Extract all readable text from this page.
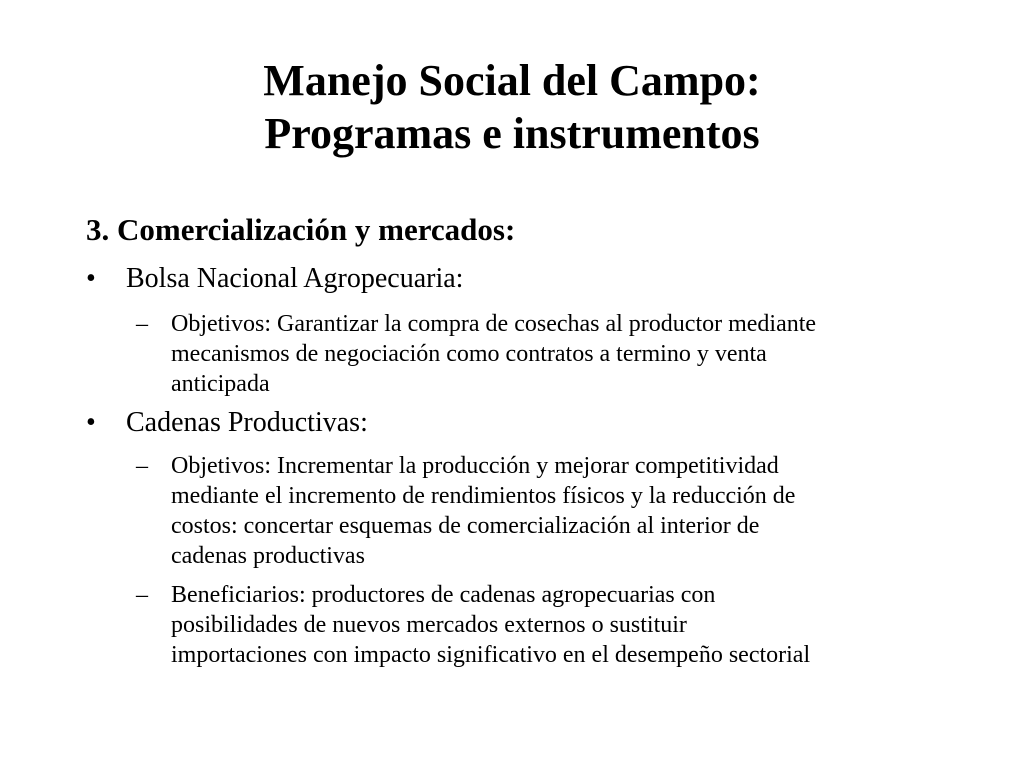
Manejo Social del Campo:
Programas e instrumentos
3. Comercialización y mercados:
• Bolsa Nacional Agropecuaria:
– Objetivos: Garantizar la compra de cosechas al productor mediante
mecanismos de negociación como contratos a termino y venta
anticipada
• Cadenas Productivas:
– Objetivos: Incrementar la producción y mejorar competitividad
mediante el incremento de rendimientos físicos y la reducción de
costos: concertar esquemas de comercialización al interior de
cadenas productivas
– Beneficiarios: productores de cadenas agropecuarias con
posibilidades de nuevos mercados externos o sustituir
importaciones con impacto significativo en el desempeño sectorial
